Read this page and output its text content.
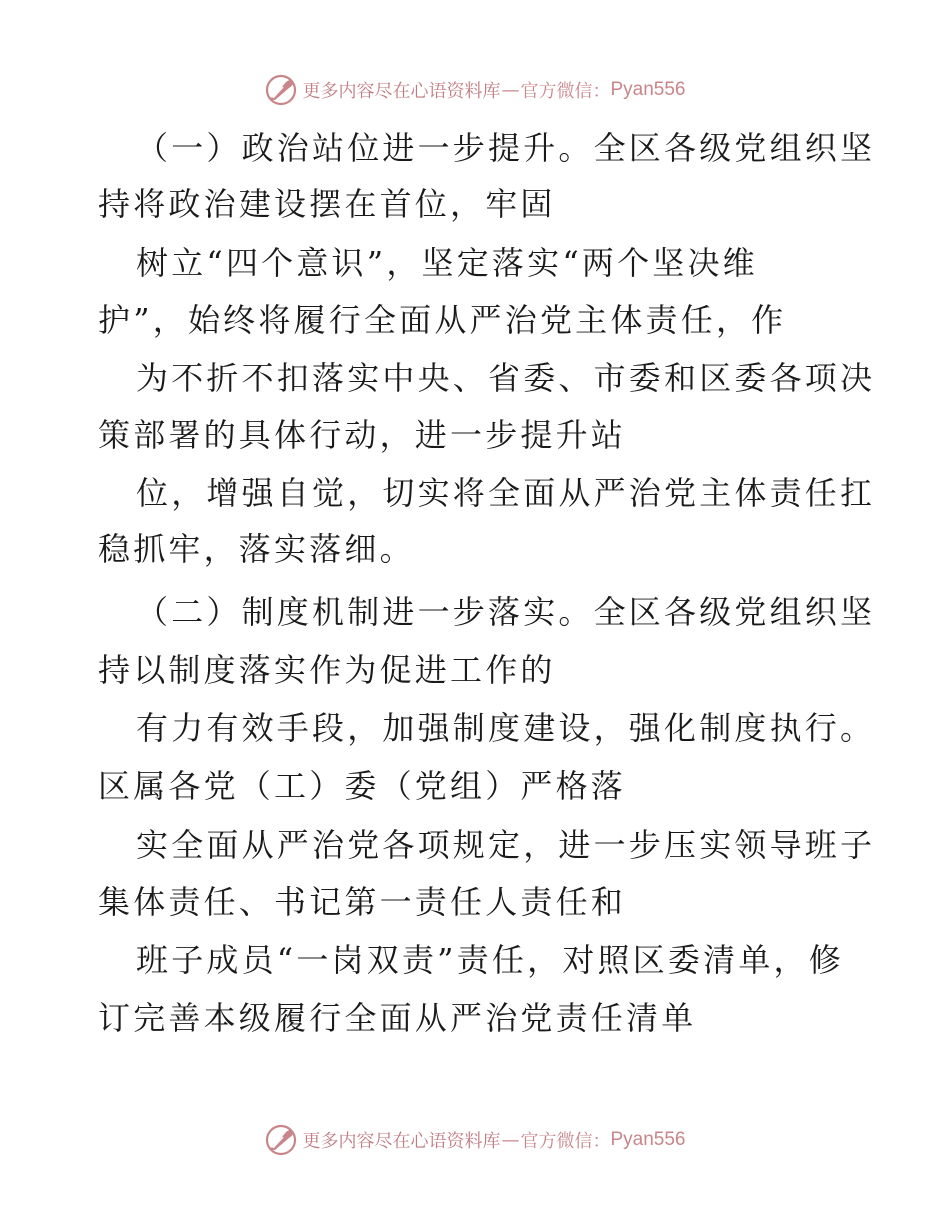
更多内容尽在心语资料库 — 官方微信： Pyan556
（一）政治站位进一步提升。全区各级党组织坚
持将政治建设摆在首位，牢固
树立“四个意识”，坚定落实“两个坚决维
护”，始终将履行全面从严治党主体责任，作
为不折不扣落实中央、省委、市委和区委各项决
策部署的具体行动，进一步提升站
位，增强自觉，切实将全面从严治党主体责任扛
稳抓牢，落实落细。
（二）制度机制进一步落实。全区各级党组织坚
持以制度落实作为促进工作的
有力有效手段，加强制度建设，强化制度执行。
区属各党（工）委（党组）严格落
实全面从严治党各项规定，进一步压实领导班子
集体责任、书记第一责任人责任和
班子成员“一岗双责”责任，对照区委清单，修
订完善本级履行全面从严治党责任清单
更多内容尽在心语资料库 — 官方微信： Pyan556
